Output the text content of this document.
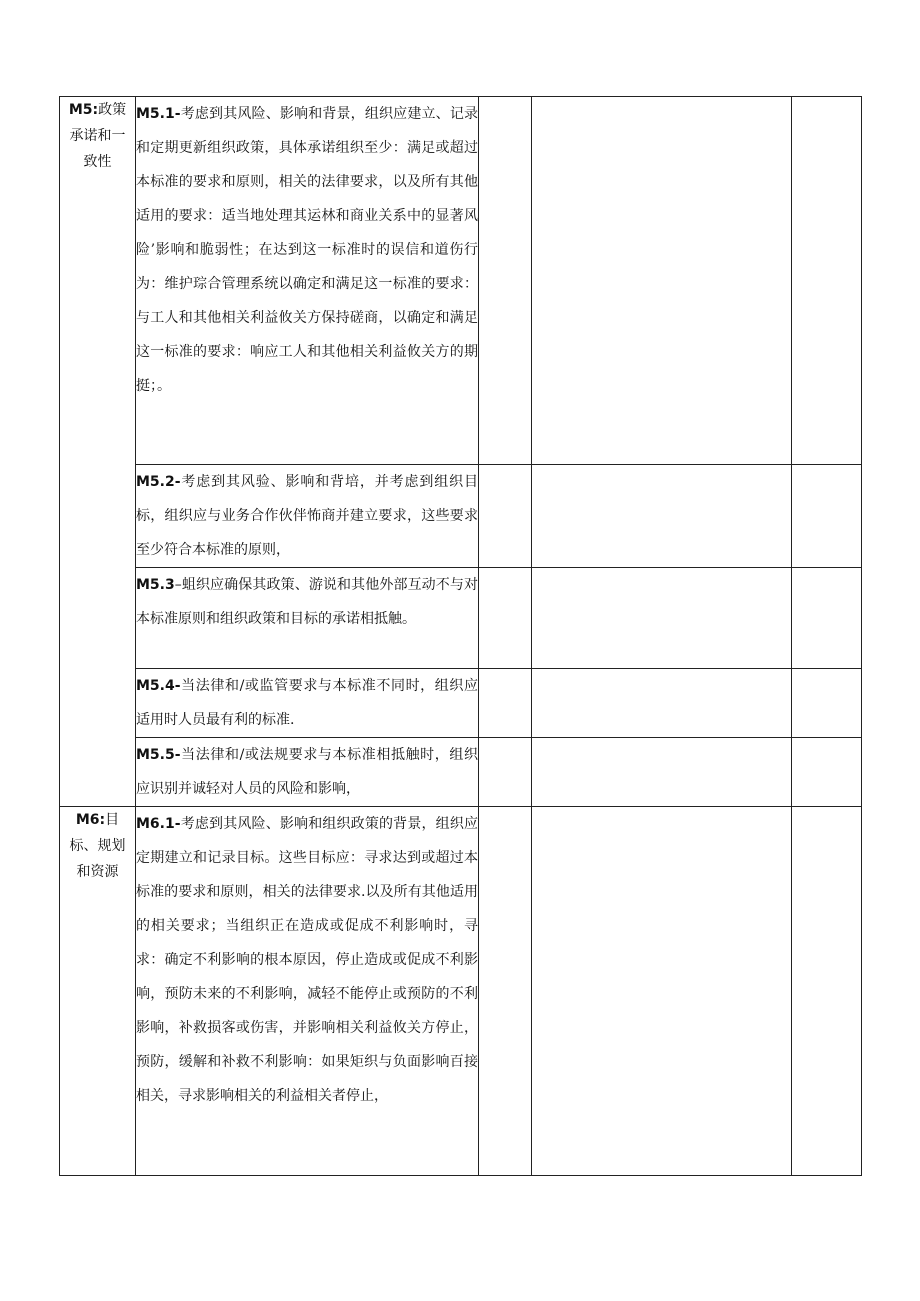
M5:政策承诺和一致性	M5.1-考虑到其风险、影响和背景，组织应建立、记录和定期更新组织政策，具体承诺组织至少：满足或超过本标准的要求和原则，相关的法律要求，以及所有其他适用的要求：适当地处理其运林和商业关系中的显著风险’影响和脆弱性；在达到这一标准时的误信和道伤行为：维护琮合管理系统以确定和满足这一标准的要求：与工人和其他相关利益攸关方保持磋商，以确定和满足这一标准的要求：响应工人和其他相关利益攸关方的期挺；。			
	M5.2-考虑到其风验、影响和背培，并考虑到组织目标，组织应与业务合作伙伴怖商并建立要求，这些要求至少符合本标准的原则，			
	M5.3–蛆织应确保其政策、游说和其他外部互动不与对本标准原则和组织政策和目标的承诺相抵触。			
	M5.4-当法律和/或监管要求与本标准不同时，组织应适用时人员最有利的标准.			
	M5.5-当法律和/或法规要求与本标准相抵触时，组织应识别并诚轻对人员的风险和影响，			

M6:目标、规划和资源	M6.1-考虑到其风险、影响和组织政策的背景，组织应定期建立和记录目标。这些目标应：寻求达到或超过本标准的要求和原则，相关的法律要求.以及所有其他适用的相关要求；当组织正在造成或促成不利影响时，寻求：确定不利影响的根本原因，停止造成或促成不利影响，预防未来的不利影响，减轻不能停止或预防的不利影响，补救损客或伤害，并影响相关利益攸关方停止，预防，缓解和补救不利影响：如果矩织与负面影响百接相关，寻求影响相关的利益相关者停止，			
